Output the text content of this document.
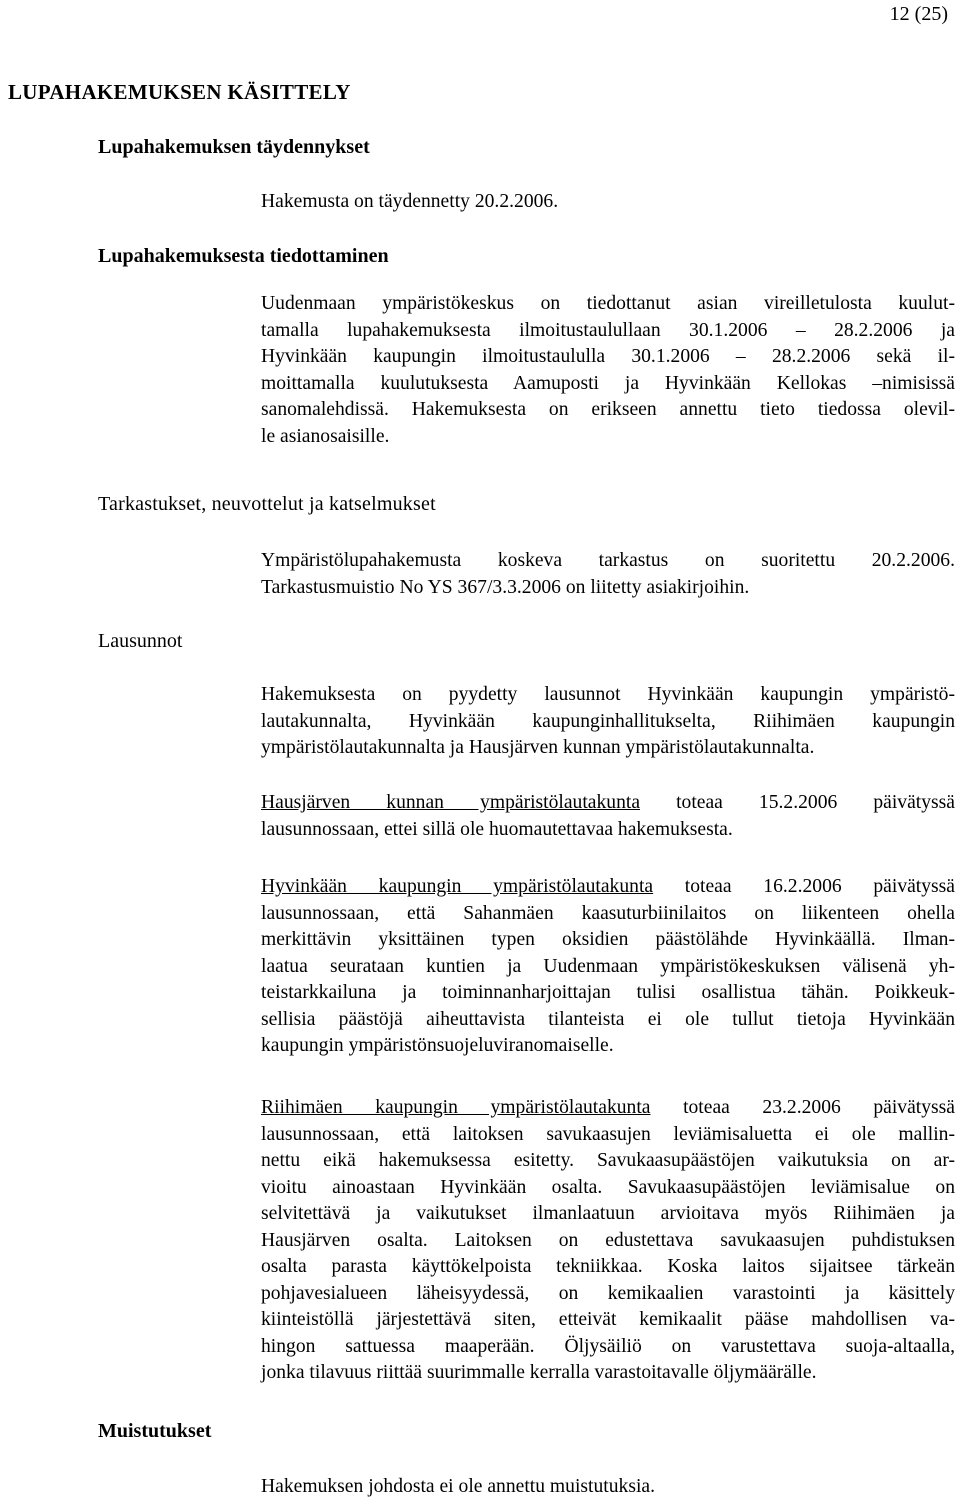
12 (25)
LUPAHAKEMUKSEN KÄSITTELY
Lupahakemuksen täydennykset

Hakemusta on täydennetty 20.2.2006.

Lupahakemuksesta tiedottaminen

Uudenmaan ympäristökeskus on tiedottanut asian vireilletulosta kuulut-
tamalla lupahakemuksesta ilmoitustaulullaan 30.1.2006 – 28.2.2006 ja
Hyvinkään kaupungin ilmoitustaululla 30.1.2006 – 28.2.2006 sekä il-
moittamalla kuulutuksesta Aamuposti ja Hyvinkään Kellokas –nimisissä
sanomalehdissä. Hakemuksesta on erikseen annettu tieto tiedossa olevil-
le asianosaisille.

Tarkastukset, neuvottelut ja katselmukset

Ympäristölupahakemusta koskeva tarkastus on suoritettu 20.2.2006.
Tarkastusmuistio No YS 367/3.3.2006 on liitetty asiakirjoihin.

Lausunnot

Hakemuksesta on pyydetty lausunnot Hyvinkään kaupungin ympäristö-
lautakunnalta, Hyvinkään kaupunginhallitukselta, Riihimäen kaupungin
ympäristölautakunnalta ja Hausjärven kunnan ympäristölautakunnalta.

Hausjärven kunnan ympäristölautakunta toteaa 15.2.2006 päivätyssä
lausunnossaan, ettei sillä ole huomautettavaa hakemuksesta.

Hyvinkään kaupungin ympäristölautakunta toteaa 16.2.2006 päivätyssä
lausunnossaan, että Sahanmäen kaasuturbiinilaitos on liikenteen ohella
merkittävin yksittäinen typen oksidien päästölähde Hyvinkäällä. Ilman-
laatua seurataan kuntien ja Uudenmaan ympäristökeskuksen välisenä yh-
teistarkkailuna ja toiminnanharjoittajan tulisi osallistua tähän. Poikkeuk-
sellisia päästöjä aiheuttavista tilanteista ei ole tullut tietoja Hyvinkään
kaupungin ympäristönsuojeluviranomaiselle.

Riihimäen kaupungin ympäristölautakunta toteaa 23.2.2006 päivätyssä
lausunnossaan, että laitoksen savukaasujen leviämisaluetta ei ole mallin-
nettu eikä hakemuksessa esitetty. Savukaasupäästöjen vaikutuksia on ar-
vioitu ainoastaan Hyvinkään osalta. Savukaasupäästöjen leviämisalue on
selvitettävä ja vaikutukset ilmanlaatuun arvioitava myös Riihimäen ja
Hausjärven osalta. Laitoksen on edustettava savukaasujen puhdistuksen
osalta parasta käyttökelpoista tekniikkaa. Koska laitos sijaitsee tärkeän
pohjavesialueen läheisyydessä, on kemikaalien varastointi ja käsittely
kiinteistöllä järjestettävä siten, etteivät kemikaalit pääse mahdollisen va-
hingon sattuessa maaperään. Öljysäiliö on varustettava suoja-altaalla,
jonka tilavuus riittää suurimmalle kerralla varastoitavalle öljymäärälle.

Muistutukset

Hakemuksen johdosta ei ole annettu muistutuksia.
